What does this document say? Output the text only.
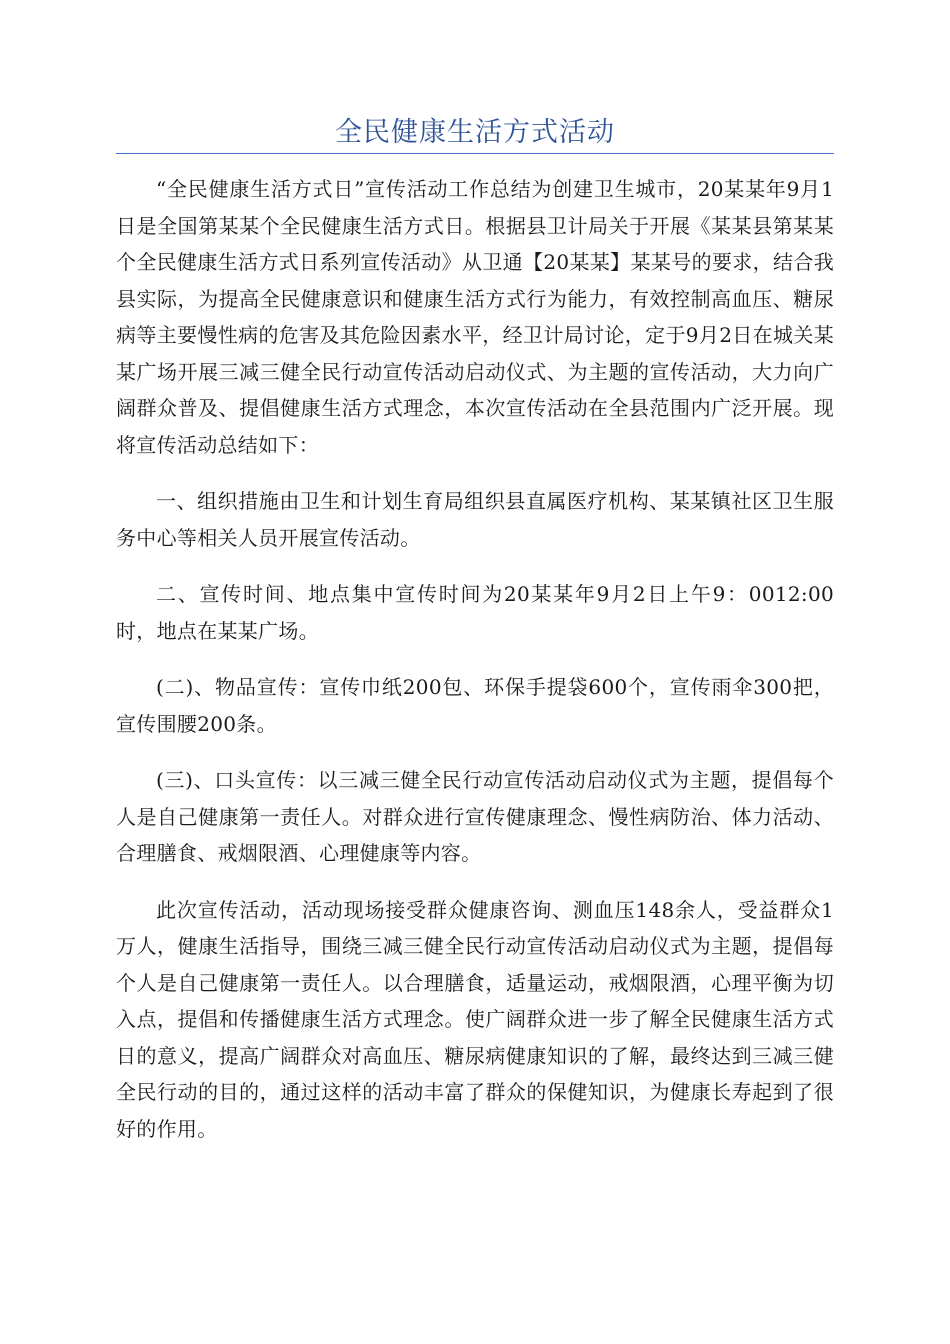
全民健康生活方式活动

“全民健康生活方式日”宣传活动工作总结为创建卫生城市，20某某年9月1日是全国第某某个全民健康生活方式日。根据县卫计局关于开展《某某县第某某个全民健康生活方式日系列宣传活动》从卫通【20某某】某某号的要求，结合我县实际，为提高全民健康意识和健康生活方式行为能力，有效控制高血压、糖尿病等主要慢性病的危害及其危险因素水平，经卫计局讨论，定于9月2日在城关某某广场开展三减三健全民行动宣传活动启动仪式、为主题的宣传活动，大力向广阔群众普及、提倡健康生活方式理念，本次宣传活动在全县范围内广泛开展。现将宣传活动总结如下：

一、组织措施由卫生和计划生育局组织县直属医疗机构、某某镇社区卫生服务中心等相关人员开展宣传活动。

二、宣传时间、地点集中宣传时间为20某某年9月2日上午9：0012:00时，地点在某某广场。

(二)、物品宣传：宣传巾纸200包、环保手提袋600个，宣传雨伞300把，宣传围腰200条。

(三)、口头宣传：以三减三健全民行动宣传活动启动仪式为主题，提倡每个人是自己健康第一责任人。对群众进行宣传健康理念、慢性病防治、体力活动、合理膳食、戒烟限酒、心理健康等内容。

此次宣传活动，活动现场接受群众健康咨询、测血压148余人，受益群众1万人，健康生活指导，围绕三减三健全民行动宣传活动启动仪式为主题，提倡每个人是自己健康第一责任人。以合理膳食，适量运动，戒烟限酒，心理平衡为切入点，提倡和传播健康生活方式理念。使广阔群众进一步了解全民健康生活方式日的意义，提高广阔群众对高血压、糖尿病健康知识的了解，最终达到三减三健全民行动的目的，通过这样的活动丰富了群众的保健知识，为健康长寿起到了很好的作用。
